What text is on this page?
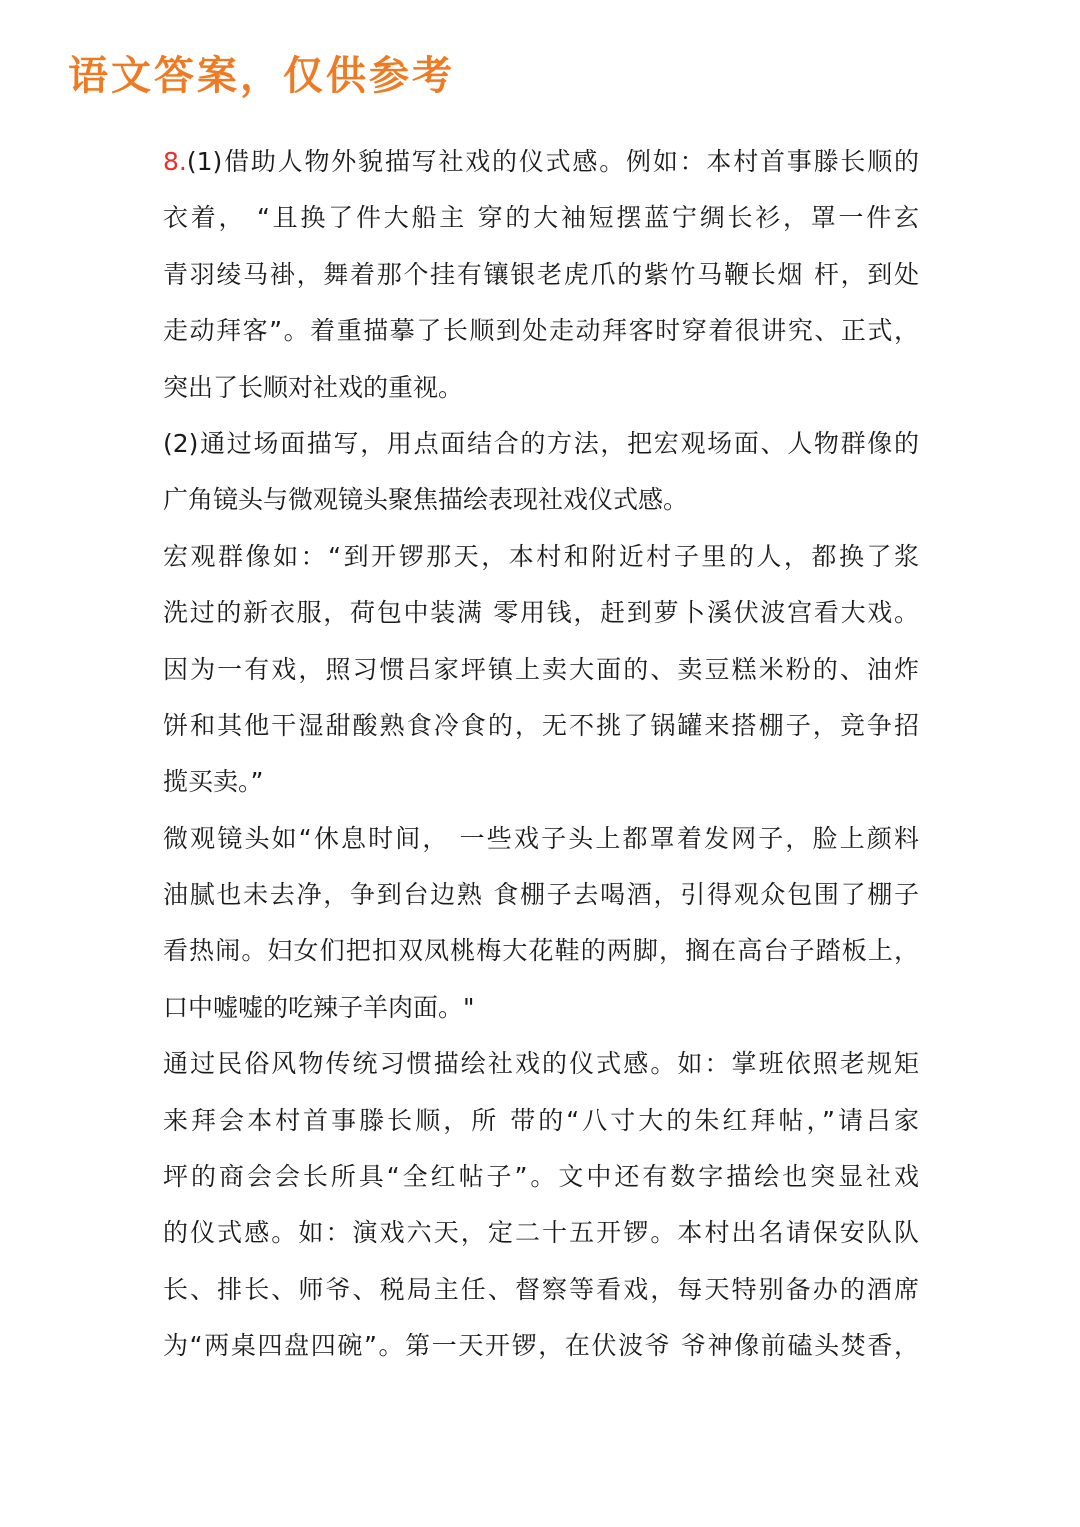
语文答案，仅供参考
8.(1)借助人物外貌描写社戏的仪式感。例如：本村首事滕长顺的
衣着， “且换了件大船主 穿的大袖短摆蓝宁绸长衫，罩一件玄
青羽绫马褂，舞着那个挂有镶银老虎爪的紫竹马鞭长烟 杆，到处
走动拜客”。着重描摹了长顺到处走动拜客时穿着很讲究、正式，
突出了长顺对社戏的重视。
(2)通过场面描写，用点面结合的方法，把宏观场面、人物群像的
广角镜头与微观镜头聚焦描绘表现社戏仪式感。
宏观群像如：“到开锣那天，本村和附近村子里的人，都换了浆
洗过的新衣服，荷包中装满 零用钱，赶到萝卜溪伏波宫看大戏。
因为一有戏，照习惯吕家坪镇上卖大面的、卖豆糕米粉的、油炸
饼和其他干湿甜酸熟食冷食的，无不挑了锅罐来搭棚子，竞争招
揽买卖。”
微观镜头如“休息时间， 一些戏子头上都罩着发网子，脸上颜料
油腻也未去净，争到台边熟 食棚子去喝酒，引得观众包围了棚子
看热闹。妇女们把扣双凤桃梅大花鞋的两脚，搁在高台子踏板上，
口中嘘嘘的吃辣子羊肉面。"
通过民俗风物传统习惯描绘社戏的仪式感。如：掌班依照老规矩
来拜会本村首事滕长顺，所 带的“八寸大的朱红拜帖，”请吕家
坪的商会会长所具“全红帖子”。文中还有数字描绘也突显社戏
的仪式感。如：演戏六天，定二十五开锣。本村出名请保安队队
长、排长、师爷、税局主任、督察等看戏，每天特别备办的酒席
为“两桌四盘四碗”。第一天开锣，在伏波爷 爷神像前磕头焚香，
